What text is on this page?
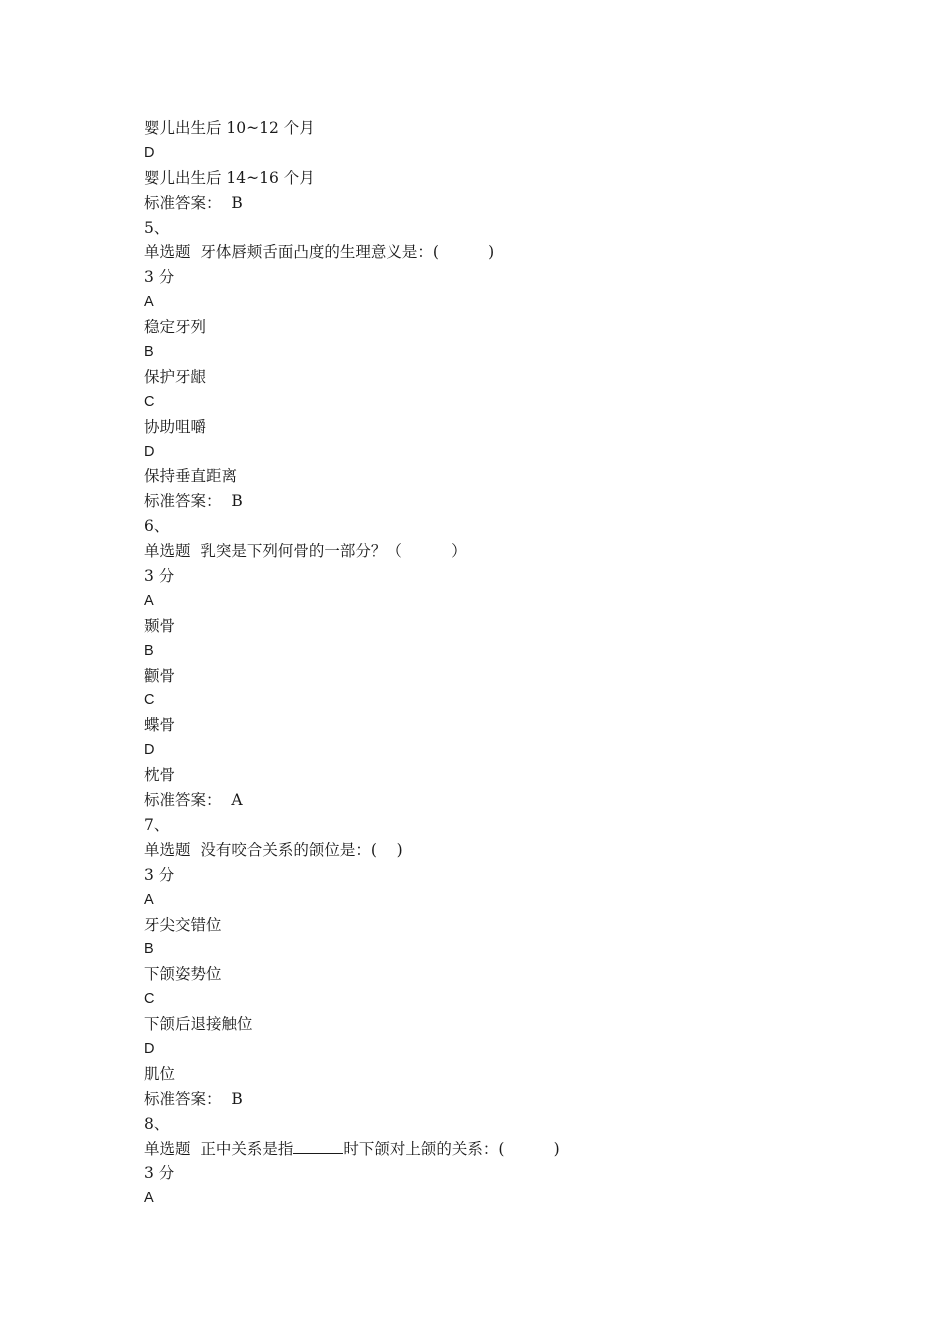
婴儿出生后 10~12 个月
D
婴儿出生后 14~16 个月
标准答案：  B
5、
单选题  牙体唇颊舌面凸度的生理意义是：(          )
3 分
A
稳定牙列
B
保护牙龈
C
协助咀嚼
D
保持垂直距离
标准答案：  B
6、
单选题  乳突是下列何骨的一部分？（          ）
3 分
A
颞骨
B
颧骨
C
蝶骨
D
枕骨
标准答案：  A
7、
单选题  没有咬合关系的颌位是：(    )
3 分
A
牙尖交错位
B
下颌姿势位
C
下颌后退接触位
D
肌位
标准答案：  B
8、
单选题  正中关系是指	时下颌对上颌的关系：(          )
3 分
A
